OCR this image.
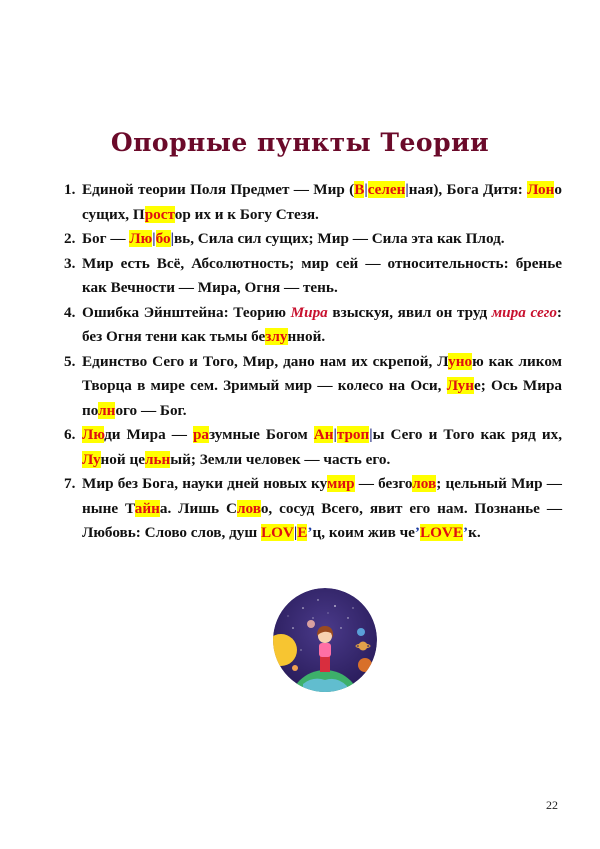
Опорные пункты Теории
1. Единой теории Поля Предмет — Мир (В|селен|ная), Бога Дитя: Лоно сущих, Простор их и к Богу Стезя.
2. Бог — Лю|бо|вь, Сила сил сущих; Мир — Сила эта как Плод.
3. Мир есть Всё, Абсолютность; мир сей — относительность: бренье как Вечности — Мира, Огня — тень.
4. Ошибка Эйнштейна: Теорию Мира взыскуя, явил он труд мира сего: без Огня тени как тьмы безлунной.
5. Единство Сего и Того, Мир, дано нам их скрепой, Луною как ликом Творца в мире сем. Зримый мир — колесо на Оси, Луне; Ось Мира полного — Бог.
6. Люди Мира — разумные Богом Ан|троп|ы Сего и Того как ряд их, Луной цельный; Земли человек — часть его.
7. Мир без Бога, науки дней новых кумир — безголов; цельный Мир — ныне Тайна. Лишь Слово, сосуд Всего, явит его нам. Познанье — Любовь: Слово слов, душ LOV|E’ц, коим жив че’LOVE’к.
22
